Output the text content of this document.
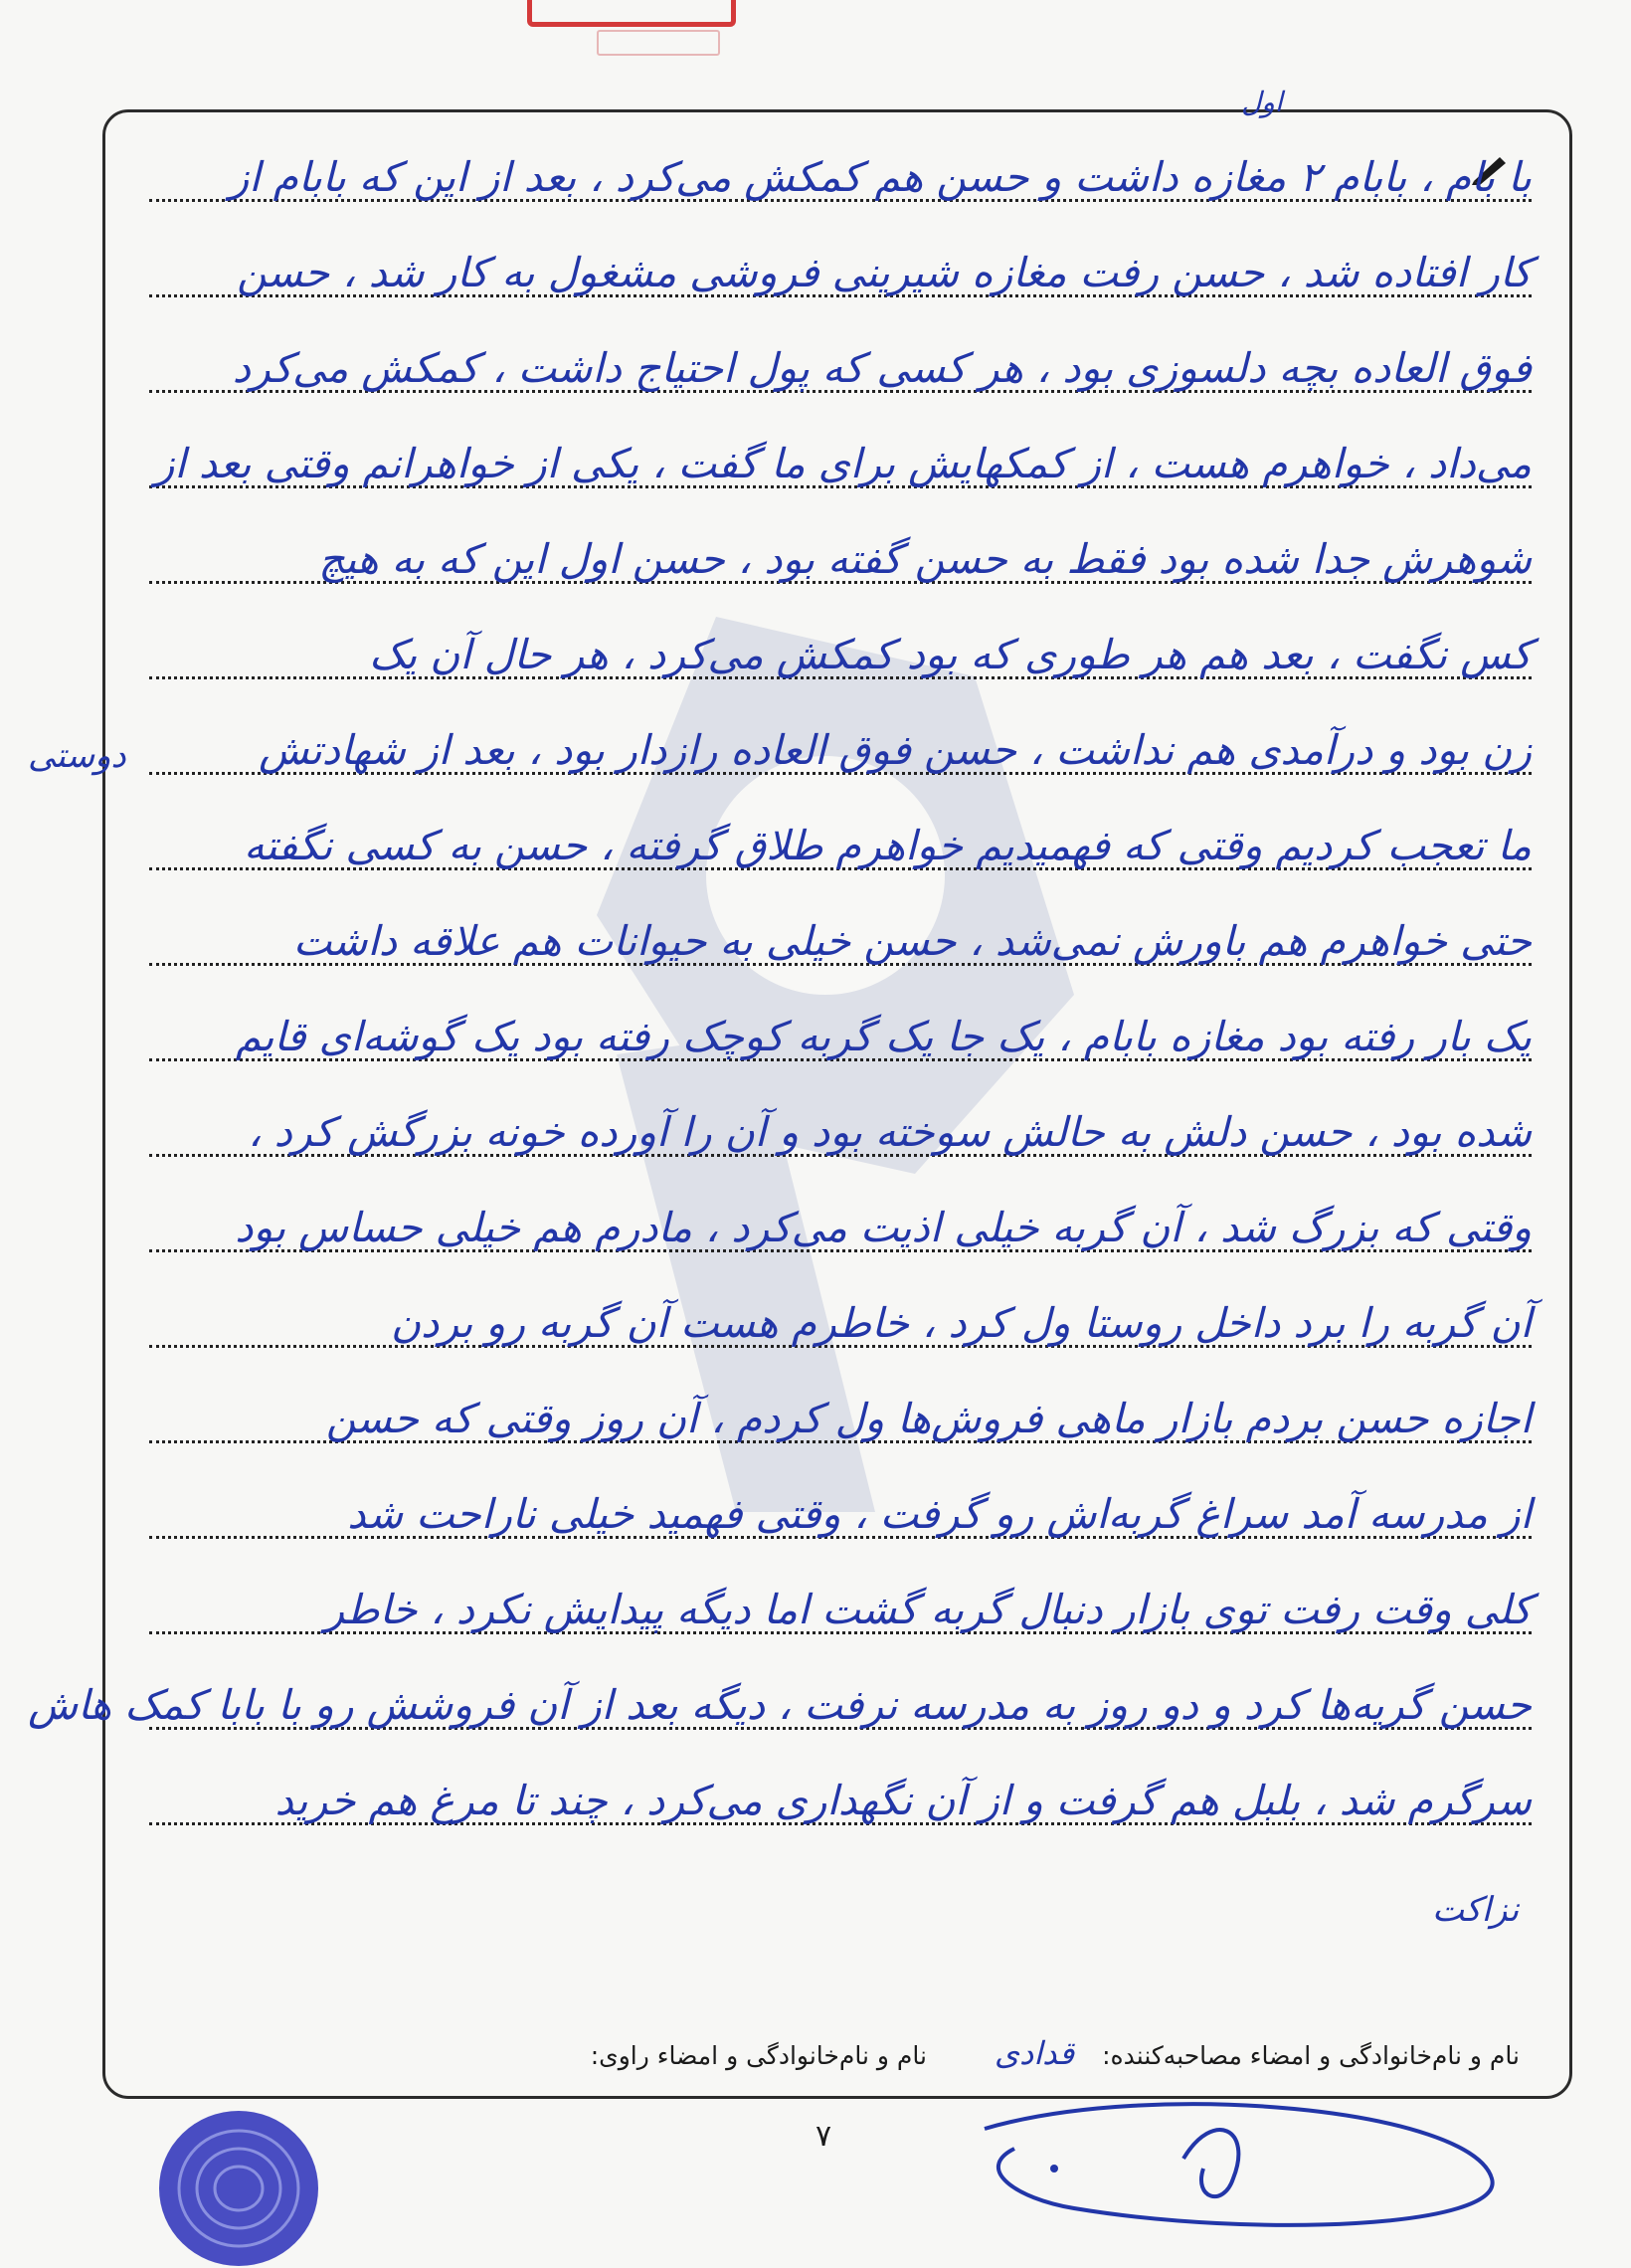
اول
با بام ، بابام ۲ مغازه داشت و حسن هم کمکش می‌کرد ، بعد از این که بابام از
کار افتاده شد ، حسن رفت مغازه شیرینی فروشی مشغول به کار شد ، حسن
فوق العاده بچه دلسوزی بود ، هر کسی که پول احتیاج داشت ، کمکش می‌کرد
می‌داد ، خواهرم هست ، از کمکهایش برای ما گفت ، یکی از خواهرانم وقتی بعد از
شوهرش جدا شده بود فقط به حسن گفته بود ، حسن اول این که به هیچ
کس نگفت ، بعد هم هر طوری که بود کمکش می‌کرد ، هر حال آن یک
زن بود و درآمدی هم نداشت ، حسن فوق العاده رازدار بود ، بعد از شهادتش
ما تعجب کردیم وقتی که فهمیدیم خواهرم طلاق گرفته ، حسن به کسی نگفته
حتی خواهرم هم باورش نمی‌شد ، حسن خیلی به حیوانات هم علاقه داشت
یک بار رفته بود مغازه بابام ، یک جا یک گربه کوچک رفته بود یک گوشه‌ای قایم
شده بود ، حسن دلش به حالش سوخته بود و آن را آورده خونه بزرگش کرد ،
وقتی که بزرگ شد ، آن گربه خیلی اذیت می‌کرد ، مادرم هم خیلی حساس بود
آن گربه را برد داخل روستا ول کرد ، خاطرم هست آن گربه رو بردن
اجازه حسن بردم بازار ماهی فروش‌ها ول کردم ، آن روز وقتی که حسن
از مدرسه آمد سراغ گربه‌اش رو گرفت ، وقتی فهمید خیلی ناراحت شد
کلی وقت رفت توی بازار دنبال گربه گشت اما دیگه پیدایش نکرد ، خاطر
حسن گریه‌ها کرد و دو روز به مدرسه نرفت ، دیگه بعد از آن فروشش رو با بابا کمک هاش
سرگرم شد ، بلبل هم گرفت و از آن نگهداری می‌کرد ، چند تا مرغ هم خرید
دوستی
نزاکت
نام و نام‌خانوادگی و امضاء مصاحبه‌کننده: قدادی نام و نام‌خانوادگی و امضاء راوی:
۷
